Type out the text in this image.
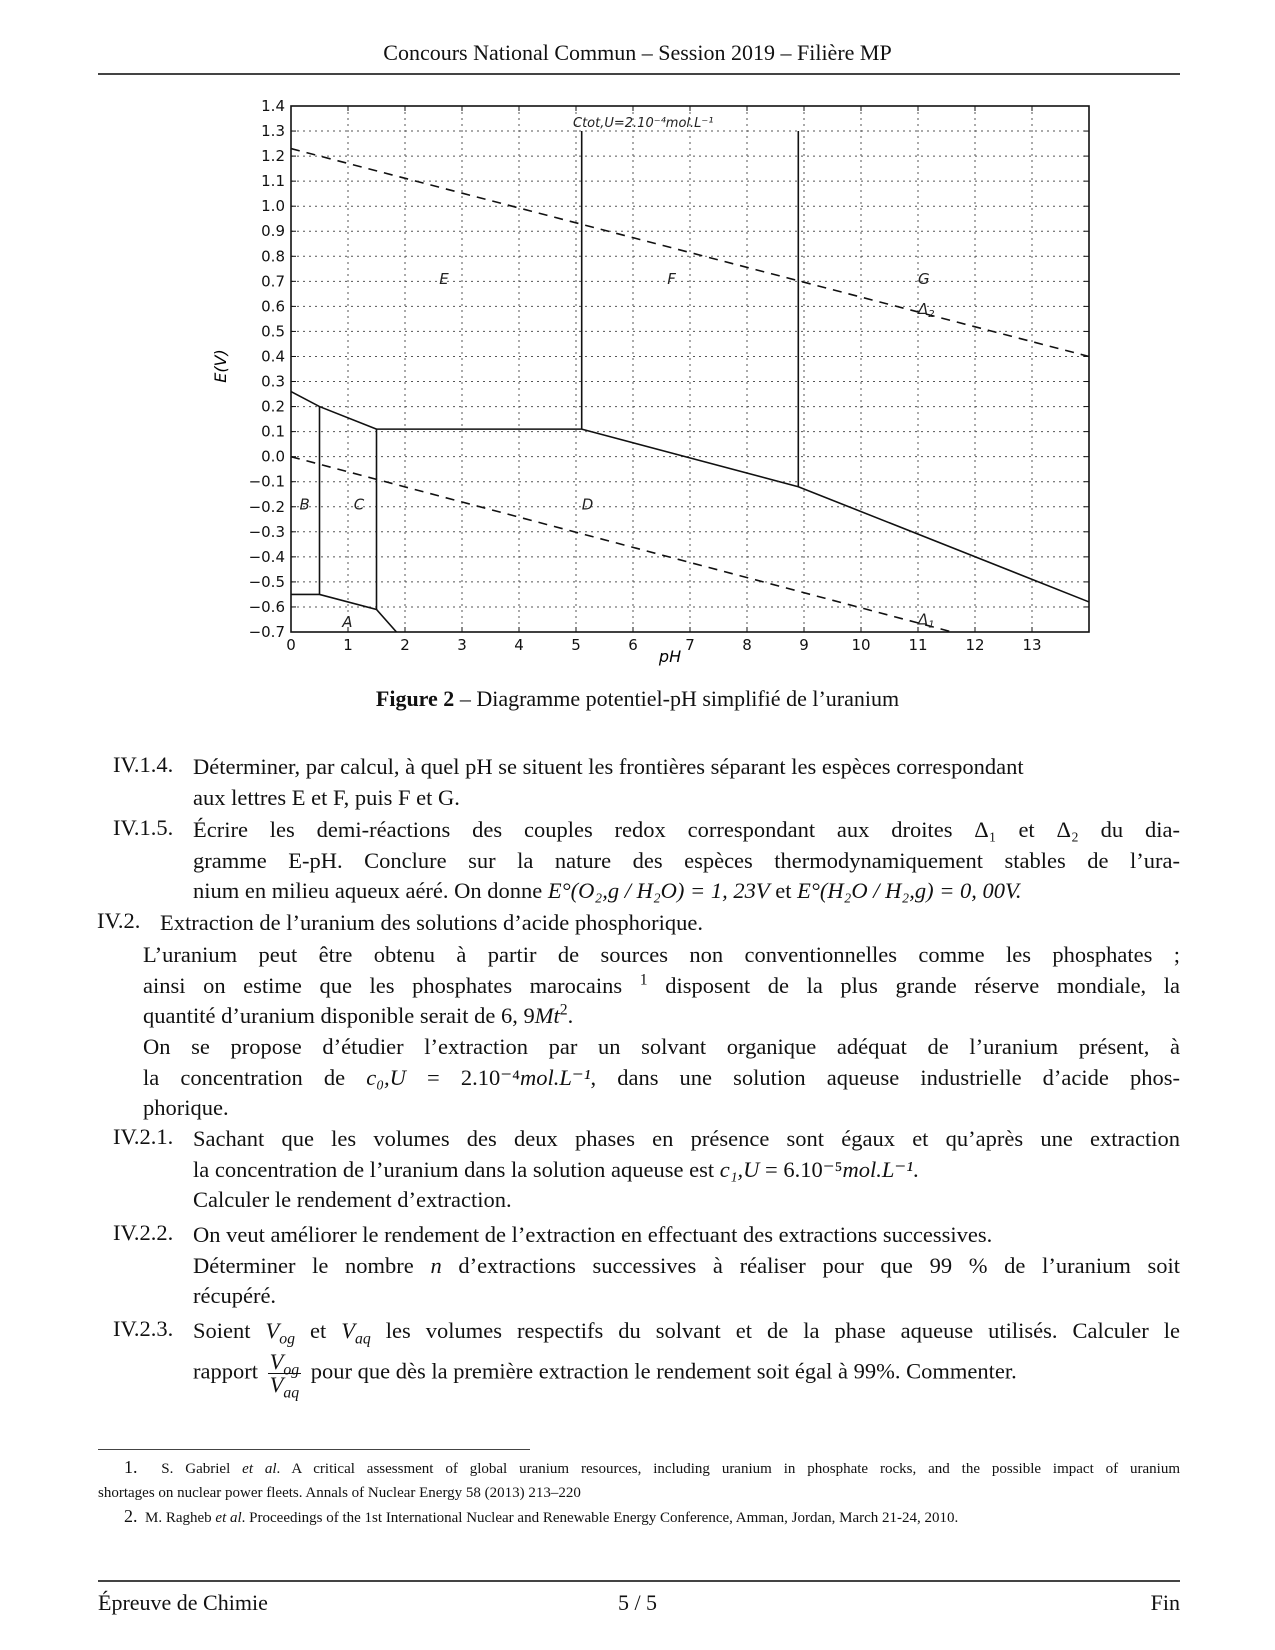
Concours National Commun – Session 2019 – Filière MP
−0.7
−0.6
−0.5
−0.4
−0.3
−0.2
−0.1
0.0
0.1
0.2
0.3
0.4
0.5
0.6
0.7
0.8
0.9
1.0
1.1
1.2
1.3
1.4
0	1	2	3	4	5	6	7	8	9	10	11	12	13
A
B	C	D
E	F	G
$\Delta_2$
$\Delta_1$
E(V)
pH
Ctot,U=2.10⁻⁴mol.L⁻¹
Figure 2 – Diagramme potentiel-pH simplifié de l’uranium
IV.1.4. Déterminer, par calcul, à quel pH se situent les frontières séparant les espèces correspondant
aux lettres E et F, puis F et G.
IV.1.5. Écrire les demi-réactions des couples redox correspondant aux droites Δ₁ et Δ₂ du dia-
gramme E-pH. Conclure sur la nature des espèces thermodynamiquement stables de l’ura-
nium en milieu aqueux aéré. On donne E°(O₂,g / H₂O) = 1, 23V et E°(H₂O / H₂,g) = 0, 00V.
IV.2. Extraction de l’uranium des solutions d’acide phosphorique.
L’uranium peut être obtenu à partir de sources non conventionnelles comme les phosphates ;
ainsi on estime que les phosphates marocains $^1$ disposent de la plus grande réserve mondiale, la
quantité d’uranium disponible serait de 6, 9Mt$^2$.
On se propose d’étudier l’extraction par un solvant organique adéquat de l’uranium présent, à
la concentration de c₀,U = 2.10⁻⁴mol.L⁻¹, dans une solution aqueuse industrielle d’acide phos-
phorique.
IV.2.1. Sachant que les volumes des deux phases en présence sont égaux et qu’après une extraction
la concentration de l’uranium dans la solution aqueuse est c₁,U = 6.10⁻⁵mol.L⁻¹.
Calculer le rendement d’extraction.
IV.2.2. On veut améliorer le rendement de l’extraction en effectuant des extractions successives.
Déterminer le nombre n d’extractions successives à réaliser pour que 99 % de l’uranium soit
récupéré.
IV.2.3. Soient $V_{og}$ et $V_{aq}$ les volumes respectifs du solvant et de la phase aqueuse utilisés. Calculer le
rapport $\frac{V_{og}}{V_{aq}}$ pour que dès la première extraction le rendement soit égal à 99%. Commenter.
1. S. Gabriel et al. A critical assessment of global uranium resources, including uranium in phosphate rocks, and the possible impact of uranium
shortages on nuclear power fleets. Annals of Nuclear Energy 58 (2013) 213–220
2. M. Ragheb et al. Proceedings of the 1st International Nuclear and Renewable Energy Conference, Amman, Jordan, March 21-24, 2010.
Épreuve de Chimie	5 / 5	Fin
